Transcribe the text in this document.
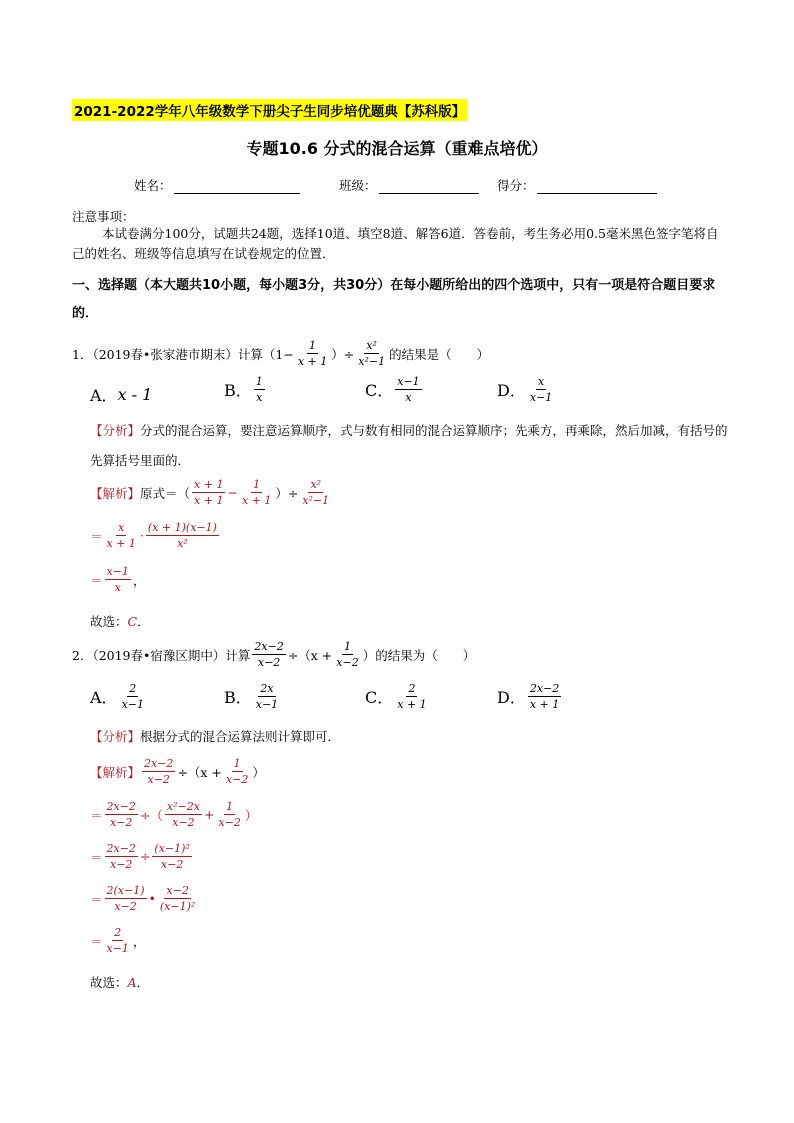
2021-2022学年八年级数学下册尖子生同步培优题典【苏科版】
专题10.6 分式的混合运算（重难点培优）
姓名：	班级：	得分：
注意事项：
本试卷满分100分，试题共24题，选择10道、填空8道、解答6道．答卷前，考生务必用0.5毫米黑色签字笔将自己的姓名、班级等信息填写在试卷规定的位置．
一、选择题（本大题共10小题，每小题3分，共30分）在每小题所给出的四个选项中，只有一项是符合题目要求的．
1．（2019春•张家港市期末）计算（$1- \frac{1}{x + 1}$ ）÷ $\frac{\text{x²}}{\text{x²−1}}$ 的结果是（　　）
A． x - 1	B． 1
x	C． x−1
x	D． x
x−1
【分析】分式的混合运算，要注意运算顺序，式与数有相同的混合运算顺序；先乘方，再乘除，然后加减，有括号的先算括号里面的．
【解析】 原式＝（
x + 1
x + 1
− $\frac{1}{x + 1}$ ）÷ $\frac{\text{x²}}{\text{x²−1}}$
＝
x
x + 1
·
(x + 1)(x−1)
x²
＝
x−1
x ，
故选：C．
2．（2019春•宿豫区期中）计算 $\frac{2x-2}{x-2} \div(x + \frac{1}{x-2}$ ）的结果为（　　）
A． 2
x−1	B． 2x
x−1	C． 2
x + 1	D． 2x−2
x + 1
【分析】根据分式的混合运算法则计算即可．
【解析】 $\frac{2x-2}{x-2} \div(x + \frac{1}{x-2}$ ）
＝ $\frac{2x-2}{x-2}$ ÷（
x²−2x
x−2
+ $\frac{1}{x-2}$ ）
＝ $\frac{2x-2}{x-2} \div \frac{\text{(x−1)²}}{x-2}$
＝
2(x−1)
x−2
•
x−2
(x−1)²
＝
2
x−1 ，
故选：A．
